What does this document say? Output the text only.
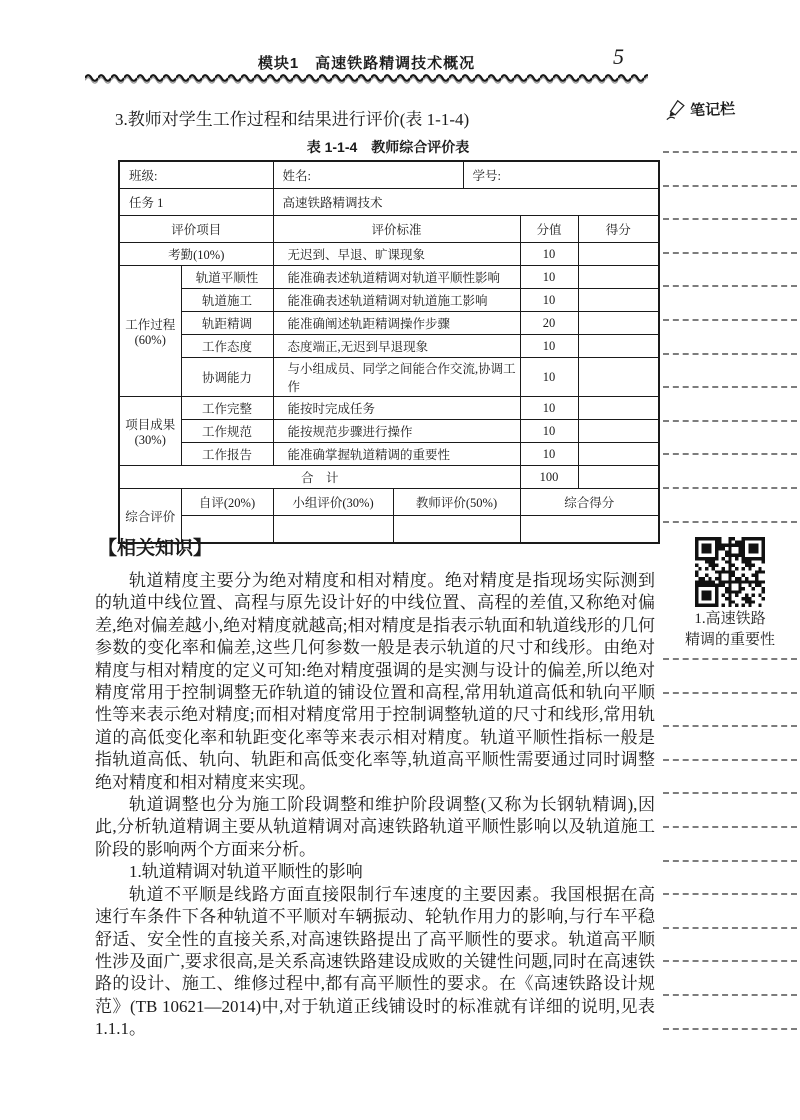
模块1　高速铁路精调技术概况	5
3.教师对学生工作过程和结果进行评价(表 1-1-4)
表 1-1-4　教师综合评价表
班级:		姓名:		学号:		
任务 1		高速铁路精调技术				
评价项目		评价标准			分值	得分
考勤(10%)		无迟到、早退、旷课现象			10	
工作过程(60%)	轨道平顺性	能准确表述轨道精调对轨道平顺性影响			10	
	轨道施工	能准确表述轨道精调对轨道施工影响			10	
	轨距精调	能准确阐述轨距精调操作步骤			20	
	工作态度	态度端正,无迟到早退现象			10	
	协调能力	与小组成员、同学之间能合作交流,协调工作			10	
项目成果(30%)	工作完整	能按时完成任务			10	
	工作规范	能按规范步骤进行操作			10	
	工作报告	能准确掌握轨道精调的重要性			10	
合　计					100	
综合评价	自评(20%)	小组评价(30%)	教师评价(50%)		综合得分	

【相关知识】

轨道精度主要分为绝对精度和相对精度。绝对精度是指现场实际测到的轨道中线位置、高程与原先设计好的中线位置、高程的差值,又称绝对偏差,绝对偏差越小,绝对精度就越高;相对精度是指表示轨面和轨道线形的几何参数的变化率和偏差,这些几何参数一般是表示轨道的尺寸和线形。由绝对精度与相对精度的定义可知:绝对精度强调的是实测与设计的偏差,所以绝对精度常用于控制调整无砟轨道的铺设位置和高程,常用轨道高低和轨向平顺性等来表示绝对精度;而相对精度常用于控制调整轨道的尺寸和线形,常用轨道的高低变化率和轨距变化率等来表示相对精度。轨道平顺性指标一般是指轨道高低、轨向、轨距和高低变化率等,轨道高平顺性需要通过同时调整绝对精度和相对精度来实现。

轨道调整也分为施工阶段调整和维护阶段调整(又称为长钢轨精调),因此,分析轨道精调主要从轨道精调对高速铁路轨道平顺性影响以及轨道施工阶段的影响两个方面来分析。

1.轨道精调对轨道平顺性的影响

轨道不平顺是线路方面直接限制行车速度的主要因素。我国根据在高速行车条件下各种轨道不平顺对车辆振动、轮轨作用力的影响,与行车平稳舒适、安全性的直接关系,对高速铁路提出了高平顺性的要求。轨道高平顺性涉及面广,要求很高,是关系高速铁路建设成败的关键性问题,同时在高速铁路的设计、施工、维修过程中,都有高平顺性的要求。在《高速铁路设计规范》(TB 10621—2014)中,对于轨道正线铺设时的标准就有详细的说明,见表 1.1.1。

笔记栏
1.高速铁路
精调的重要性
